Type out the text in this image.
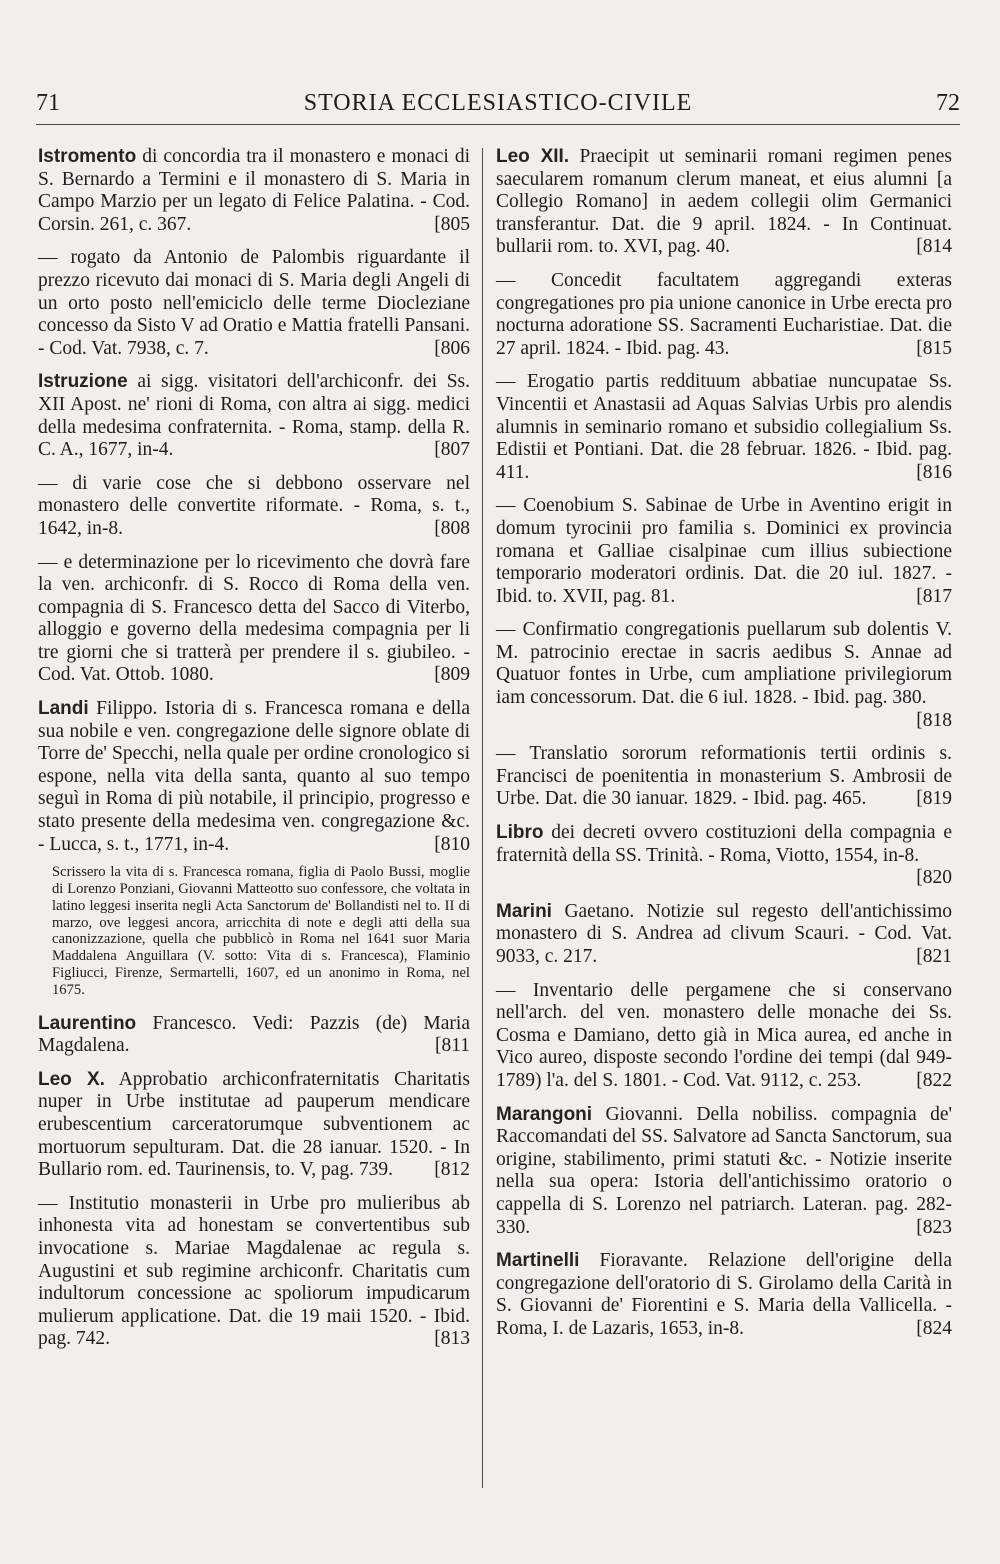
71	STORIA ECCLESIASTICO-CIVILE	72
Istromento di concordia tra il monastero e monaci di S. Bernardo a Termini e il monastero di S. Maria in Campo Marzio per un legato di Felice Palatina. - Cod. Corsin. 261, c. 367.	[805
— rogato da Antonio de Palombis riguardante il prezzo ricevuto dai monaci di S. Maria degli Angeli di un orto posto nell'emiciclo delle terme Diocleziane concesso da Sisto V ad Oratio e Mattia fratelli Pansani. - Cod. Vat. 7938, c. 7.	[806
Istruzione ai sigg. visitatori dell'archiconfr. dei Ss. XII Apost. ne' rioni di Roma, con altra ai sigg. medici della medesima confraternita. - Roma, stamp. della R. C. A., 1677, in-4.	[807
— di varie cose che si debbono osservare nel monastero delle convertite riformate. - Roma, s. t., 1642, in-8.	[808
— e determinazione per lo ricevimento che dovrà fare la ven. archiconfr. di S. Rocco di Roma della ven. compagnia di S. Francesco detta del Sacco di Viterbo, alloggio e governo della medesima compagnia per li tre giorni che si tratterà per prendere il s. giubileo. - Cod. Vat. Ottob. 1080.	[809
Landi Filippo. Istoria di s. Francesca romana e della sua nobile e ven. congregazione delle signore oblate di Torre de' Specchi, nella quale per ordine cronologico si espone, nella vita della santa, quanto al suo tempo seguì in Roma di più notabile, il principio, progresso e stato presente della medesima ven. congregazione &c. - Lucca, s. t., 1771, in-4.	[810
Scrissero la vita di s. Francesca romana, figlia di Paolo Bussi, moglie di Lorenzo Ponziani, Giovanni Matteotto suo confessore, che voltata in latino leggesi inserita negli Acta Sanctorum de' Bollandisti nel to. II di marzo, ove leggesi ancora, arricchita di note e degli atti della sua canonizzazione, quella che pubblicò in Roma nel 1641 suor Maria Maddalena Anguillara (V. sotto: Vita di s. Francesca), Flaminio Figliucci, Firenze, Sermartelli, 1607, ed un anonimo in Roma, nel 1675.
Laurentino Francesco. Vedi: Pazzis (de) Maria Magdalena.	[811
Leo X. Approbatio archiconfraternitatis Charitatis nuper in Urbe institutae ad pauperum mendicare erubescentium carceratorumque subventionem ac mortuorum sepulturam. Dat. die 28 ianuar. 1520. - In Bullario rom. ed. Taurinensis, to. V, pag. 739. [812
— Institutio monasterii in Urbe pro mulieribus ab inhonesta vita ad honestam se convertentibus sub invocatione s. Mariae Magdalenae ac regula s. Augustini et sub regimine archiconfr. Charitatis cum indultorum concessione ac spoliorum impudicarum mulierum applicatione. Dat. die 19 maii 1520. - Ibid. pag. 742.	[813
Leo XII. Praecipit ut seminarii romani regimen penes saecularem romanum clerum maneat, et eius alumni [a Collegio Romano] in aedem collegii olim Germanici transferantur. Dat. die 9 april. 1824. - In Continuat. bullarii rom. to. XVI, pag. 40.	[814
— Concedit facultatem aggregandi exteras congregationes pro pia unione canonice in Urbe erecta pro nocturna adoratione SS. Sacramenti Eucharistiae. Dat. die 27 april. 1824. - Ibid. pag. 43.	[815
— Erogatio partis reddituum abbatiae nuncupatae Ss. Vincentii et Anastasii ad Aquas Salvias Urbis pro alendis alumnis in seminario romano et subsidio collegialium Ss. Edistii et Pontiani. Dat. die 28 februar. 1826. - Ibid. pag. 411.	[816
— Coenobium S. Sabinae de Urbe in Aventino erigit in domum tyrocinii pro familia s. Dominici ex provincia romana et Galliae cisalpinae cum illius subiectione temporario moderatori ordinis. Dat. die 20 iul. 1827. - Ibid. to. XVII, pag. 81.	[817
— Confirmatio congregationis puellarum sub dolentis V. M. patrocinio erectae in sacris aedibus S. Annae ad Quatuor fontes in Urbe, cum ampliatione privilegiorum iam concessorum. Dat. die 6 iul. 1828. - Ibid. pag. 380.
[818
— Translatio sororum reformationis tertii ordinis s. Francisci de poenitentia in monasterium S. Ambrosii de Urbe. Dat. die 30 ianuar. 1829. - Ibid. pag. 465.	[819
Libro dei decreti ovvero costituzioni della compagnia e fraternità della SS. Trinità. - Roma, Viotto, 1554, in-8.
[820
Marini Gaetano. Notizie sul regesto dell'antichissimo monastero di S. Andrea ad clivum Scauri. - Cod. Vat. 9033, c. 217.	[821
— Inventario delle pergamene che si conservano nell'arch. del ven. monastero delle monache dei Ss. Cosma e Damiano, detto già in Mica aurea, ed anche in Vico aureo, disposte secondo l'ordine dei tempi (dal 949-1789) l'a. del S. 1801. - Cod. Vat. 9112, c. 253.	[822
Marangoni Giovanni. Della nobiliss. compagnia de' Raccomandati del SS. Salvatore ad Sancta Sanctorum, sua origine, stabilimento, primi statuti &c. - Notizie inserite nella sua opera: Istoria dell'antichissimo oratorio o cappella di S. Lorenzo nel patriarch. Lateran. pag. 282-330.	[823
Martinelli Fioravante. Relazione dell'origine della congregazione dell'oratorio di S. Girolamo della Carità in S. Giovanni de' Fiorentini e S. Maria della Vallicella. - Roma, I. de Lazaris, 1653, in-8.	[824
